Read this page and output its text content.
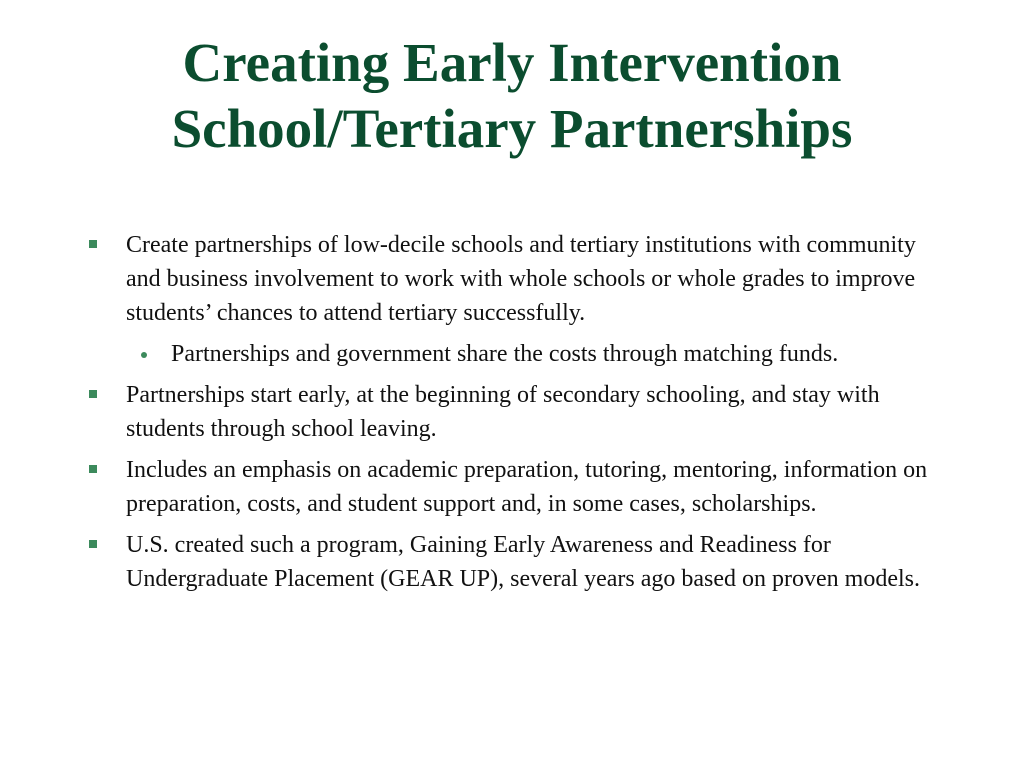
Creating Early Intervention
School/Tertiary Partnerships
Create partnerships of low-decile schools and tertiary institutions with community and business involvement to work with whole schools or whole grades to improve students’ chances to attend tertiary successfully.
Partnerships and government share the costs through matching funds.
Partnerships start early, at the beginning of secondary schooling, and stay with students through school leaving.
Includes an emphasis on academic preparation, tutoring, mentoring, information on preparation, costs, and student support and, in some cases, scholarships.
U.S. created such a program, Gaining Early Awareness and Readiness for Undergraduate Placement (GEAR UP), several years ago based on proven models.
